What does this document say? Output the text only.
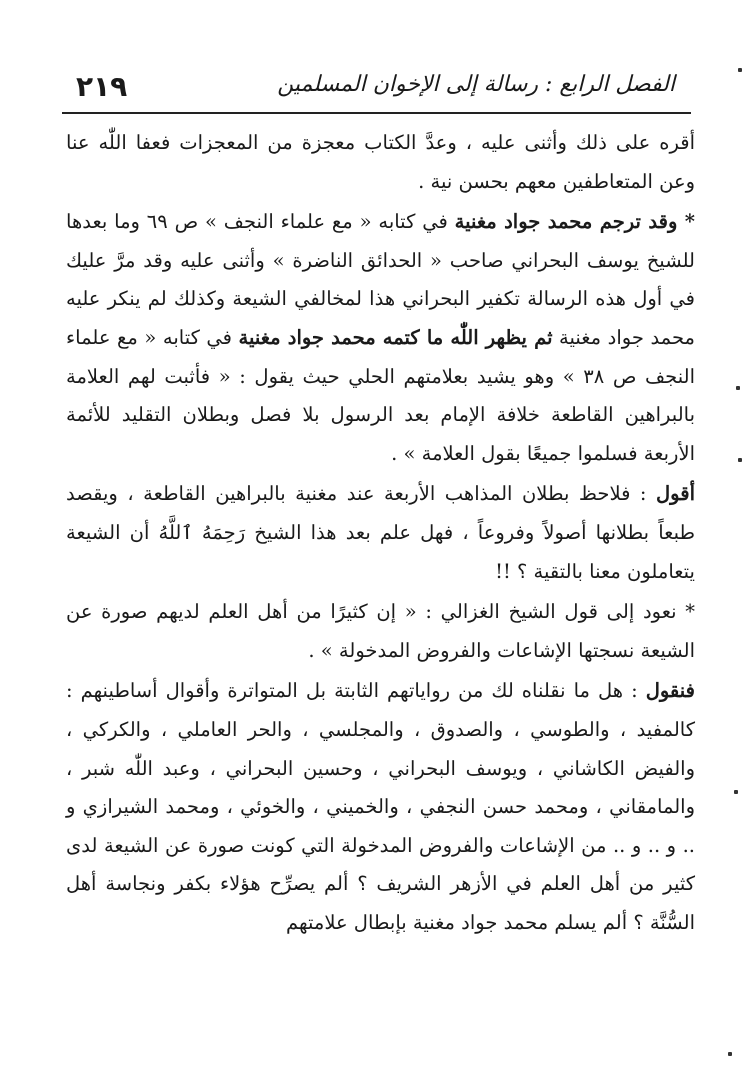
٢١٩	الفصل الرابع : رسالة إلى الإخوان المسلمين

أقره على ذلك وأثنى عليه ، وعدَّ الكتاب معجزة من المعجزات فعفا اللّٰه عنا وعن المتعاطفين معهم بحسن نية .

* وقد ترجم محمد جواد مغنية في كتابه « مع علماء النجف » ص ٦٩ وما بعدها للشيخ يوسف البحراني صاحب « الحدائق الناضرة » وأثنى عليه وقد مرَّ عليك في أول هذه الرسالة تكفير البحراني هذا لمخالفي الشيعة وكذلك لم ينكر عليه محمد جواد مغنية ثم يظهر اللّٰه ما كتمه محمد جواد مغنية في كتابه « مع علماء النجف ص ٣٨ » وهو يشيد بعلامتهم الحلي حيث يقول : « فأثبت لهم العلامة بالبراهين القاطعة خلافة الإمام بعد الرسول بلا فصل وبطلان التقليد للأئمة الأربعة فسلموا جميعًا بقول العلامة » .

أقول : فلاحظ بطلان المذاهب الأربعة عند مغنية بالبراهين القاطعة ، ويقصد طبعاً بطلانها أصولاً وفروعاً ، فهل علم بعد هذا الشيخ رَحِمَهُ ٱللَّهُ أن الشيعة يتعاملون معنا بالتقية ؟ !!

* نعود إلى قول الشيخ الغزالي : « إن كثيرًا من أهل العلم لديهم صورة عن الشيعة نسجتها الإشاعات والفروض المدخولة » .

فنقول : هل ما نقلناه لك من رواياتهم الثابتة بل المتواترة وأقوال أساطينهم : كالمفيد ، والطوسي ، والصدوق ، والمجلسي ، والحر العاملي ، والكركي ، والفيض الكاشاني ، ويوسف البحراني ، وحسين البحراني ، وعبد اللّٰه شبر ، والمامقاني ، ومحمد حسن النجفي ، والخميني ، والخوئي ، ومحمد الشيرازي و .. و .. و .. من الإشاعات والفروض المدخولة التي كونت صورة عن الشيعة لدى كثير من أهل العلم في الأزهر الشريف ؟ ألم يصرِّح هؤلاء بكفر ونجاسة أهل السُّنَّة ؟ ألم يسلم محمد جواد مغنية بإبطال علامتهم
